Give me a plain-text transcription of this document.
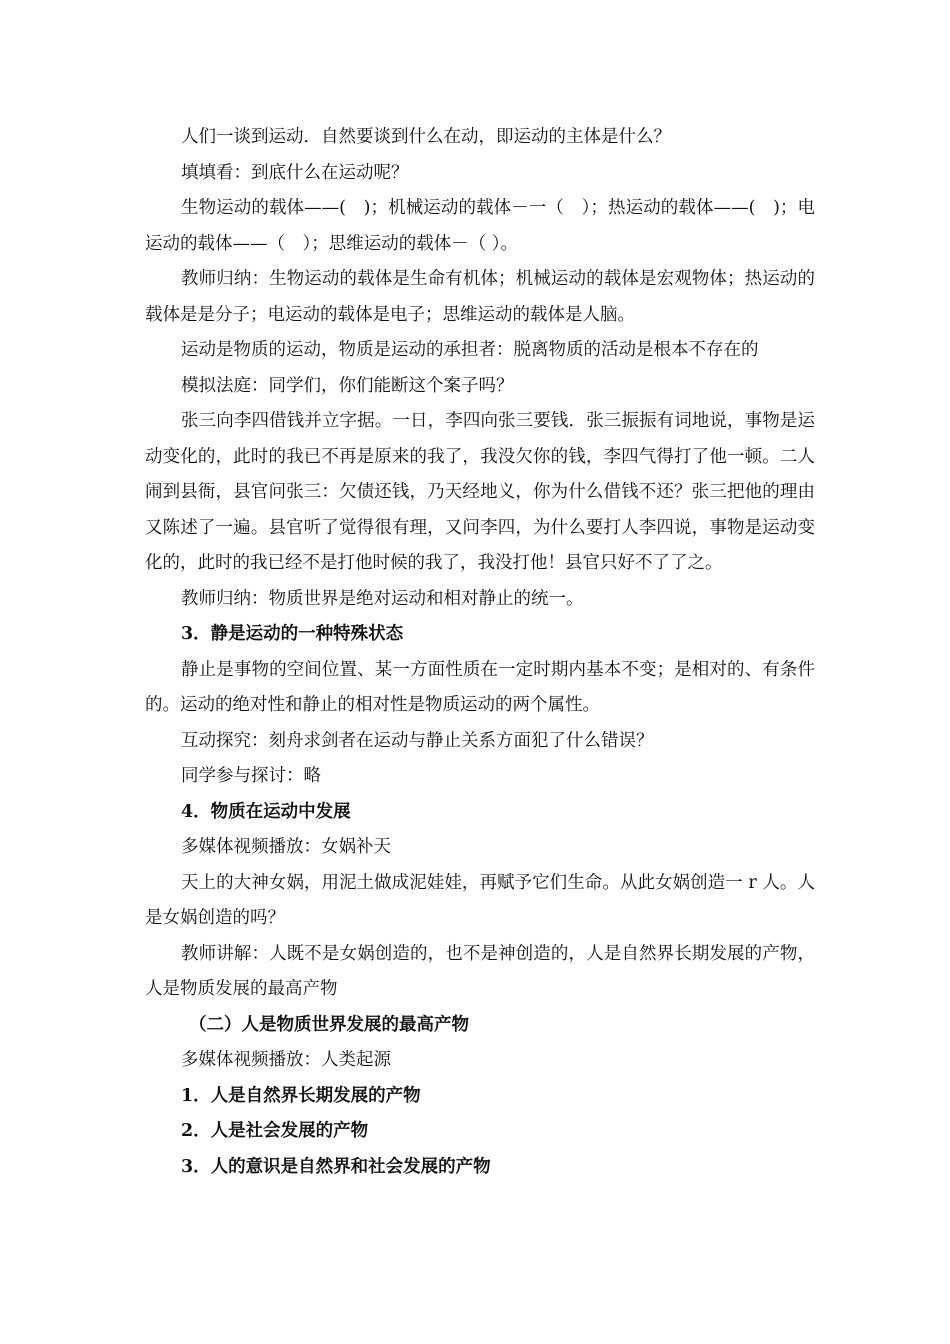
人们一谈到运动．自然要谈到什么在动，即运动的主体是什么？

填填看：到底什么在运动呢？

生物运动的载体——(　)；机械运动的载体－一（　）；热运动的载体——(　)；电运动的载体——（　）；思维运动的载体－（ ）。

教师归纳：生物运动的载体是生命有机体；机械运动的载体是宏观物体；热运动的载体是是分子；电运动的载体是电子；思维运动的载体是人脑。

运动是物质的运动，物质是运动的承担者：脱离物质的活动是根本不存在的

模拟法庭：同学们，你们能断这个案子吗？

张三向李四借钱并立字据。一日，李四向张三要钱．张三振振有词地说，事物是运动变化的，此时的我已不再是原来的我了，我没欠你的钱，李四气得打了他一顿。二人闹到县衙，县官问张三：欠债还钱，乃天经地义，你为什么借钱不还？张三把他的理由又陈述了一遍。县官听了觉得很有理，又问李四，为什么要打人李四说，事物是运动变化的，此时的我已经不是打他时候的我了，我没打他！县官只好不了了之。

教师归纳：物质世界是绝对运动和相对静止的统一。

3．静是运动的一种特殊状态

静止是事物的空间位置、某一方面性质在一定时期内基本不变；是相对的、有条件的。运动的绝对性和静止的相对性是物质运动的两个属性。

互动探究：刻舟求剑者在运动与静止关系方面犯了什么错误？

同学参与探讨：略

4．物质在运动中发展

多媒体视频播放：女娲补天

天上的大神女娲，用泥土做成泥娃娃，再赋予它们生命。从此女娲创造一 r 人。人是女娲创造的吗？

教师讲解：人既不是女娲创造的，也不是神创造的，人是自然界长期发展的产物，人是物质发展的最高产物

（二）人是物质世界发展的最高产物

多媒体视频播放：人类起源

1．人是自然界长期发展的产物

2．人是社会发展的产物

3．人的意识是自然界和社会发展的产物
